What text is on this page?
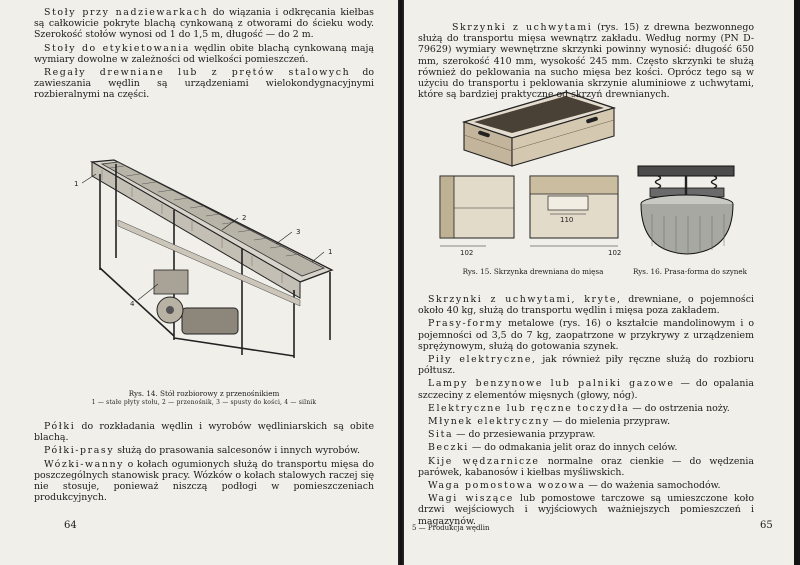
Stoły przy nadziewarkach do wiązania i odkręcania kiełbas są całkowicie pokryte blachą cynkowaną z otworami do ścieku wody. Szerokość stołów wynosi od 1 do 1,5 m, długość — do 2 m.

Stoły do etykietowania wędlin obite blachą cynkowaną mają wymiary dowolne w zależności od wielkości pomieszczeń.

Regały drewniane lub z prętów stalowych do zawieszania wędlin są urządzeniami wielokondygnacyjnymi rozbieralnymi na części.

1
4
2
3
1
Rys. 14. Stół rozbiorowy z przenośnikiem
1 — stałe płyty stołu, 2 — przenośnik, 3 — spusty do kości, 4 — silnik

Półki do rozkładania wędlin i wyrobów wędliniarskich są obite blachą.

Półki-prasy służą do prasowania salcesonów i innych wyrobów.

Wózki-wanny o kołach ogumionych służą do transportu mięsa do poszczególnych stanowisk pracy. Wózków o kołach stalowych raczej się nie stosuje, ponieważ niszczą podłogi w pomieszczeniach produkcyjnych.

64

Skrzynki z uchwytami (rys. 15) z drewna bezwonnego służą do transportu mięsa wewnątrz zakładu. Według normy (PN D-79629) wymiary wewnętrzne skrzynki powinny wynosić: długość 650 mm, szerokość 410 mm, wysokość 245 mm. Często skrzynki te służą również do peklowania na sucho mięsa bez kości. Oprócz tego są w użyciu do transportu i peklowania skrzynie aluminiowe z uchwytami, które są bardziej praktyczne od skrzyń drewnianych.

102
110
102
Rys. 15. Skrzynka drewniana do mięsa	Rys. 16. Prasa-forma do szynek

Skrzynki z uchwytami, kryte, drewniane, o pojemności około 40 kg, służą do transportu wędlin i mięsa poza zakładem.

Prasy-formy metalowe (rys. 16) o kształcie mandolinowym i o pojemności od 3,5 do 7 kg, zaopatrzone w przykrywy z urządzeniem sprężynowym, służą do gotowania szynek.

Piły elektryczne, jak również piły ręczne służą do rozbioru półtusz.

Lampy benzynowe lub palniki gazowe — do opalania szczeciny z elementów mięsnych (głowy, nóg).

Elektryczne lub ręczne toczydła — do ostrzenia noży.

Młynek elektryczny — do mielenia przypraw.

Sita — do przesiewania przypraw.

Beczki — do odmakania jelit oraz do innych celów.

Kije wędzarnicze normalne oraz cienkie — do wędzenia parówek, kabanosów i kiełbas myśliwskich.

Waga pomostowa wozowa — do ważenia samochodów.

Wagi wiszące lub pomostowe tarczowe są umieszczone koło drzwi wejściowych i wyjściowych ważniejszych pomieszczeń i magazynów.

5 — Produkcja wędlin	65
